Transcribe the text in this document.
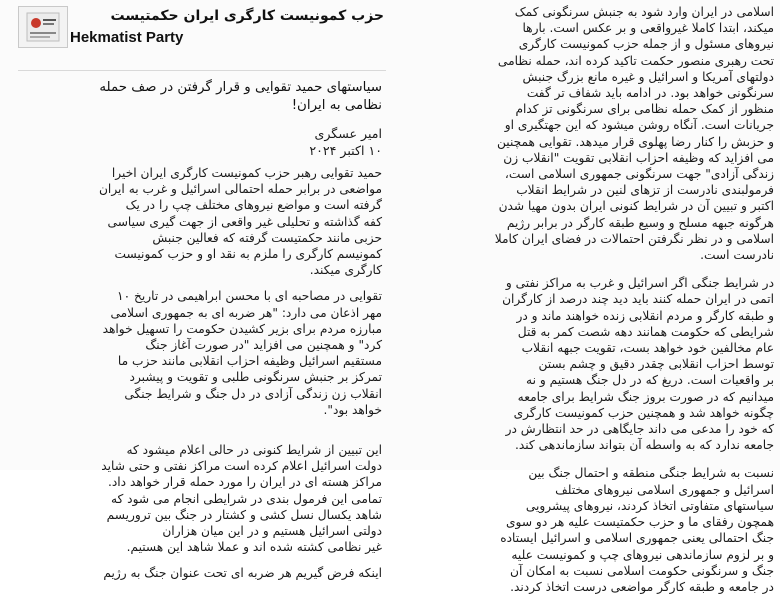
حزب کمونیست کارگری ایران حکمتیست
Hekmatist Party
سیاستهای حمید تقوایی و قرار گرفتن در صف حمله
نظامی به ایران!
امیر عسگری
۱۰ اکتبر ۲۰۲۴

حمید تقوایی رهبر حزب کمونیست کارگری ایران اخیرا

مواضعی در برابر حمله احتمالی اسرائیل و غرب به ایران

گرفته است و مواضع نیروهای مختلف چپ را در یک

کفه گذاشته و تحلیلی غیر واقعی از جهت گیری سیاسی

حزبی مانند حکمتیست گرفته که فعالین جنبش

کمونیسم کارگری را ملزم به نقد او و حزب کمونیست

کارگری میکند.

تقوایی در مصاحبه ای با محسن ابراهیمی در تاریخ ۱۰

مهر اذعان می دارد: "هر ضربه ای به جمهوری اسلامی

مبارزه مردم برای بزیر کشیدن حکومت را تسهیل خواهد

کرد" و همچنین می افزاید "در صورت آغاز جنگ

مستقیم اسرائیل وظیفه احزاب انقلابی مانند حزب ما

تمرکز بر جنبش سرنگونی طلبی و تقویت و پیشبرد

انقلاب زن زندگی آزادی در دل جنگ و شرایط جنگی

خواهد بود".

این تبیین از شرایط کنونی در حالی اعلام میشود که

دولت اسرائیل اعلام کرده است مراکز نفتی و حتی شاید

مراکز هسته ای در ایران را مورد حمله قرار خواهد داد.

تمامی این فرمول بندی در شرایطی انجام می شود که

شاهد یکسال نسل کشی و کشتار در جنگ بین تروریسم

دولتی اسرائیل هستیم و در این میان هزاران

غیر نظامی کشته شده اند و عملا شاهد این هستیم.

اینکه فرض گیریم هر ضربه ای تحت عنوان جنگ به رژیم

اسلامی در ایران وارد شود به جنبش سرنگونی کمک

میکند، ابتدا کاملا غیرواقعی و بر عکس است. بارها

نیروهای مسئول و از جمله حزب کمونیست کارگری

تحت رهبری منصور حکمت تاکید کرده اند، حمله نظامی

دولتهای آمریکا و اسرائیل و غیره مانع بزرگ جنبش

سرنگونی خواهد بود. در ادامه باید شفاف تر گفت

منظور از کمک حمله نظامی برای سرنگونی تز کدام

جریانات است. آنگاه روشن میشود که این جهتگیری او

و حزبش را کنار رضا پهلوی قرار میدهد. تقوایی همچنین

می افزاید که وظیفه احزاب انقلابی تقویت "انقلاب زن

زندگی آزادی" جهت سرنگونی جمهوری اسلامی است،

فرمولبندی نادرست از تزهای لنین در شرایط انقلاب

اکتبر و تبیین آن در شرایط کنونی ایران بدون مهیا شدن

هرگونه جبهه مسلح و وسیع طبقه کارگر در برابر رژیم

اسلامی و در نظر نگرفتن احتمالات در فضای ایران کاملا

نادرست است.

در شرایط جنگی اگر اسرائیل و غرب به مراکز نفتی و

اتمی در ایران حمله کنند باید دید چند درصد از کارگران

و طبقه کارگر و مردم انقلابی زنده خواهند ماند و در

شرایطی که حکومت همانند دهه شصت کمر به قتل

عام مخالفین خود خواهد بست، تقویت جبهه انقلاب

توسط احزاب انقلابی چقدر دقیق و چشم بستن

بر واقعیات است. دریغ که در دل جنگ هستیم و نه

میدانیم که در صورت بروز جنگ شرایط برای جامعه

چگونه خواهد شد و همچنین حزب کمونیست کارگری

که خود را مدعی می داند جایگاهی در حد انتظارش در

جامعه ندارد که به واسطه آن بتواند سازماندهی کند.

نسبت به شرایط جنگی منطقه و احتمال جنگ بین

اسرائیل و جمهوری اسلامی نیروهای مختلف

سیاستهای متفاوتی اتخاذ کردند، نیروهای پیشرویی

همچون رفقای ما و حزب حکمتیست علیه هر دو سوی

جنگ احتمالی یعنی جمهوری اسلامی و اسرائیل ایستاده

و بر لزوم سازماندهی نیروهای چپ و کمونیست علیه

جنگ و سرنگونی حکومت اسلامی نسبت به امکان آن

در جامعه و طبقه کارگر مواضعی درست اتخاذ کردند.
